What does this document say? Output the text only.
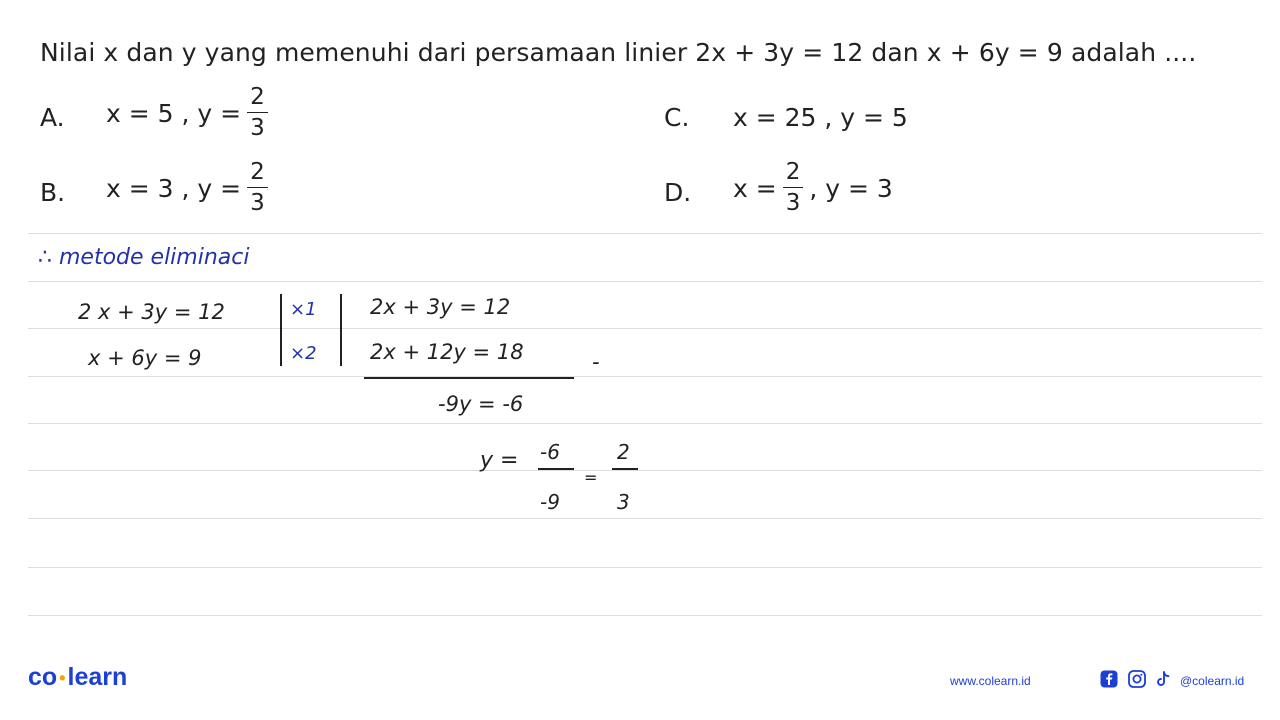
Nilai x dan y yang memenuhi dari persamaan linier 2x + 3y = 12 dan x + 6y = 9 adalah ....
A. x = 5 , $y = \frac{2}{3}$
B. x = 3 , $y = \frac{2}{3}$
C. x = 25 , y = 5
D. $x = \frac{2}{3}$ , y = 3
∴ metode eliminaci
2 x + 3y = 12
x + 6y = 9
×1
×2
2x + 3y = 12
2x + 12y = 18	-
-9y = -6
y = -6
-9
=
2
3
co •learn	www.colearn.id	@colearn.id
